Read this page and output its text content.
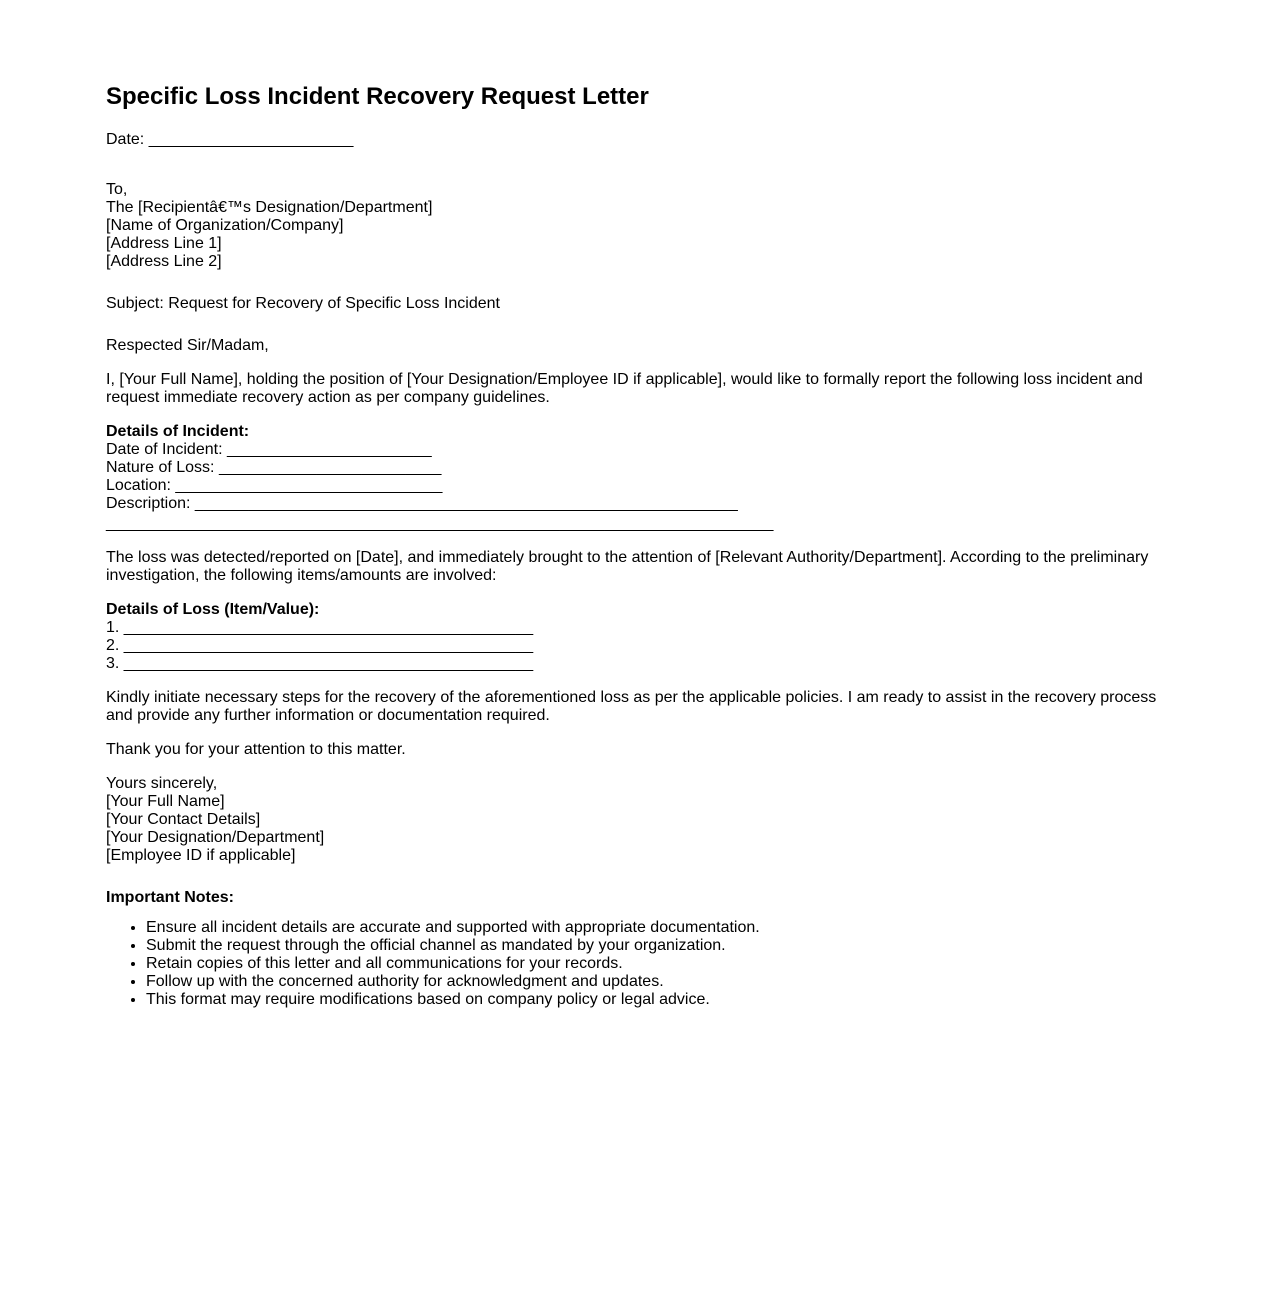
Specific Loss Incident Recovery Request Letter

Date: _______________________

To,
The [Recipientâ€™s Designation/Department]
[Name of Organization/Company]
[Address Line 1]
[Address Line 2]

Subject: Request for Recovery of Specific Loss Incident

Respected Sir/Madam,

I, [Your Full Name], holding the position of [Your Designation/Employee ID if applicable], would like to formally report the following loss incident and request immediate recovery action as per company guidelines.

Details of Incident:
Date of Incident: _______________________
Nature of Loss: _________________________
Location: ______________________________
Description: _____________________________________________________________
___________________________________________________________________________

The loss was detected/reported on [Date], and immediately brought to the attention of [Relevant Authority/Department]. According to the preliminary investigation, the following items/amounts are involved:

Details of Loss (Item/Value):
1. ______________________________________________
2. ______________________________________________
3. ______________________________________________

Kindly initiate necessary steps for the recovery of the aforementioned loss as per the applicable policies. I am ready to assist in the recovery process and provide any further information or documentation required.

Thank you for your attention to this matter.

Yours sincerely,
[Your Full Name]
[Your Contact Details]
[Your Designation/Department]
[Employee ID if applicable]

Important Notes:

• Ensure all incident details are accurate and supported with appropriate documentation.
• Submit the request through the official channel as mandated by your organization.
• Retain copies of this letter and all communications for your records.
• Follow up with the concerned authority for acknowledgment and updates.
• This format may require modifications based on company policy or legal advice.
